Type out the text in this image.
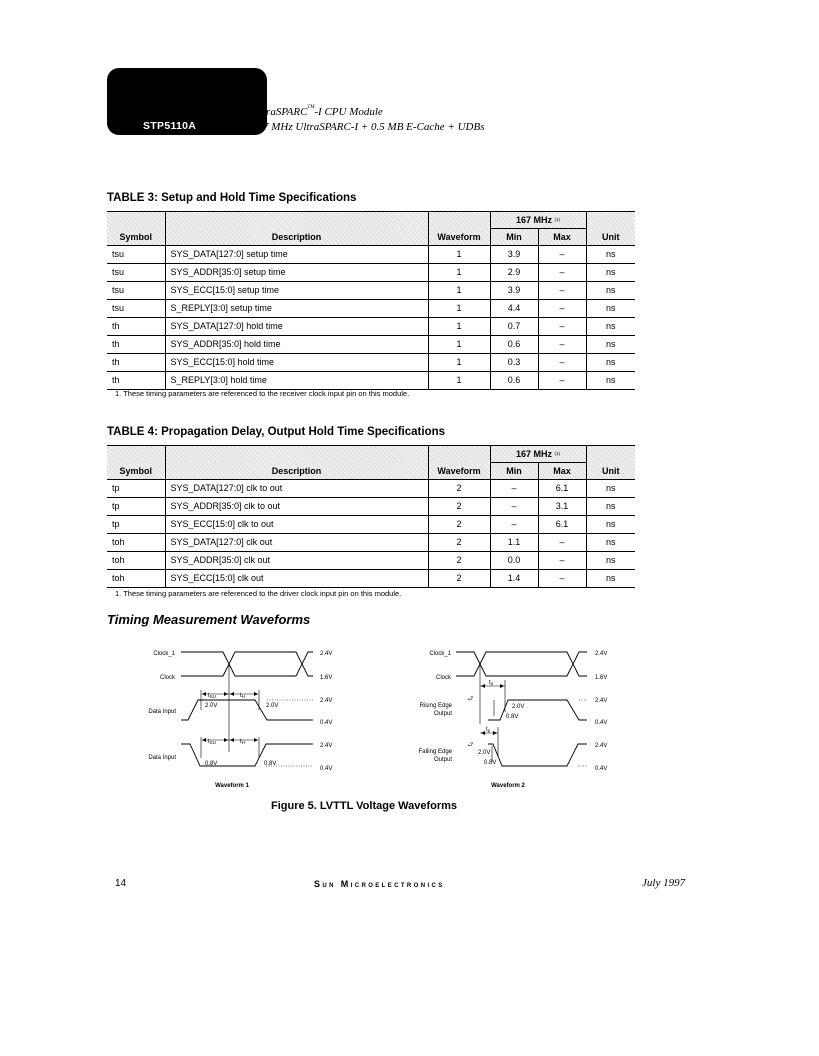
STP5110A
UltraSPARC™-I CPU Module
167 MHz UltraSPARC-I + 0.5 MB E-Cache + UDBs
TABLE 3: Setup and Hold Time Specifications
			167 MHz $^{(1)}$	
Symbol	Description	Waveform	Min	Max	Unit
tsu	SYS_DATA[127:0] setup time	1	3.9	–	ns
tsu	SYS_ADDR[35:0] setup time	1	2.9	–	ns
tsu	SYS_ECC[15:0] setup time	1	3.9	–	ns
tsu	S_REPLY[3:0] setup time	1	4.4	–	ns
th	SYS_DATA[127:0] hold time	1	0.7	–	ns
th	SYS_ADDR[35:0] hold time	1	0.6	–	ns
th	SYS_ECC[15:0] hold time	1	0.3	–	ns
th	S_REPLY[3:0] hold time	1	0.6	–	ns
1. These timing parameters are referenced to the receiver clock input pin on this module.
TABLE 4: Propagation Delay, Output Hold Time Specifications
			167 MHz $^{(1)}$	
Symbol	Description	Waveform	Min	Max	Unit
tp	SYS_DATA[127:0] clk to out	2	–	6.1	ns
tp	SYS_ADDR[35:0] clk to out	2	–	3.1	ns
tp	SYS_ECC[15:0] clk to out	2	–	6.1	ns
toh	SYS_DATA[127:0] clk out	2	1.1	–	ns
toh	SYS_ADDR[35:0] clk out	2	0.0	–	ns
toh	SYS_ECC[15:0] clk out	2	1.4	–	ns
1. These timing parameters are referenced to the driver clock input pin on this module.
Timing Measurement Waveforms
Clock_1
Clock
2.4V
1.6V
Data Input
Data Input
2.0V	2.0V
2.4V
0.4V
2.4V
0.4V
0.8V	0.8V
tSU	tH
tSU	tH
Waveform 1
Clock_1
Clock
2.4V
1.6V
Rising Edge
Output
Falling Edge
Output
2.0V
0.8V
2.0V
0.8V
2.4V
0.4V
2.4V
0.4V
tp
tp
to
to
Waveform 2
Figure 5. LVTTL Voltage Waveforms
14	Sun Microelectronics	July 1997
